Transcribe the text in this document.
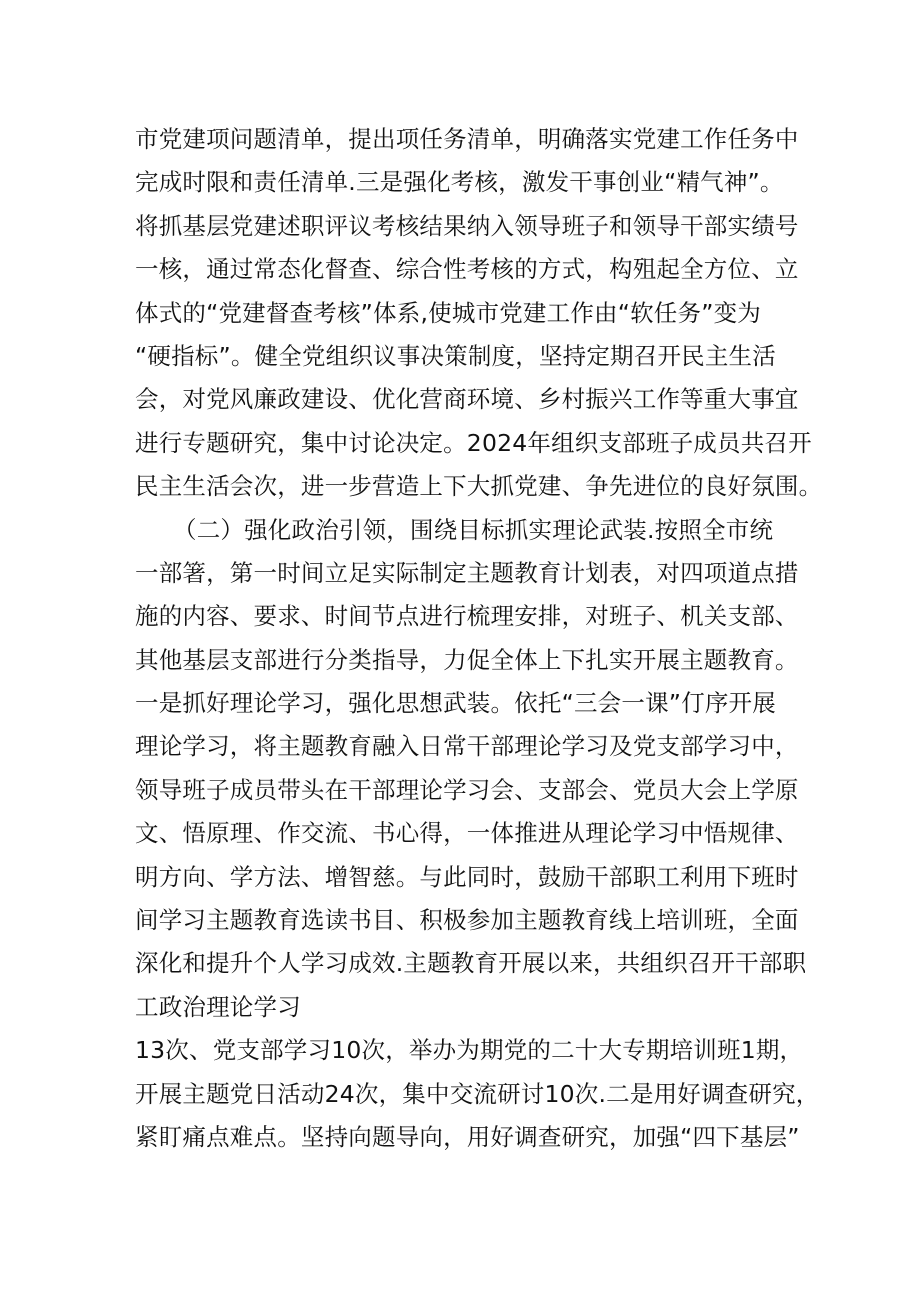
市党建项问题清单，提出项任务清单，明确落实党建工作任务中
完成时限和责任清单.三是强化考核，激发干事创业“精气神”。
将抓基层党建述职评议考核结果纳入领导班子和领导干部实绩号
一核，通过常态化督查、综合性考核的方式，构殂起全方位、立
体式的“党建督查考核”体系,使城市党建工作由“软任务”变为
“硬指标”。健全党组织议事决策制度，坚持定期召开民主生活
会，对党风廉政建设、优化营商环境、乡村振兴工作等重大事宜
进行专题研究，集中讨论决定。2024年组织支部班子成员共召开
民主生活会次，进一步营造上下大抓党建、争先进位的良好氛围。
（二）强化政治引领，围绕目标抓实理论武装.按照全市统
一部箸，第一时间立足实际制定主题教育计划表，对四项道点措
施的内容、要求、时间节点进行梳理安排，对班子、机关支部、
其他基层支部进行分类指导，力促全体上下扎实开展主题教育。
一是抓好理论学习，强化思想武装。依托“三会一课”仃序开展
理论学习，将主题教育融入日常干部理论学习及党支部学习中，
领导班子成员带头在干部理论学习会、支部会、党员大会上学原
文、悟原理、作交流、书心得，一体推进从理论学习中悟规律、
明方向、学方法、增智慈。与此同时，鼓励干部职工利用下班时
间学习主题教育选读书目、积极参加主题教育线上培训班，全面
深化和提升个人学习成效.主题教育开展以来，共组织召开干部职
工政治理论学习
13次、党支部学习10次，举办为期党的二十大专期培训班1期，
开展主题党日活动24次，集中交流研讨10次.二是用好调查研究，
紧盯痛点难点。坚持向题导向，用好调查研究，加强“四下基层”
